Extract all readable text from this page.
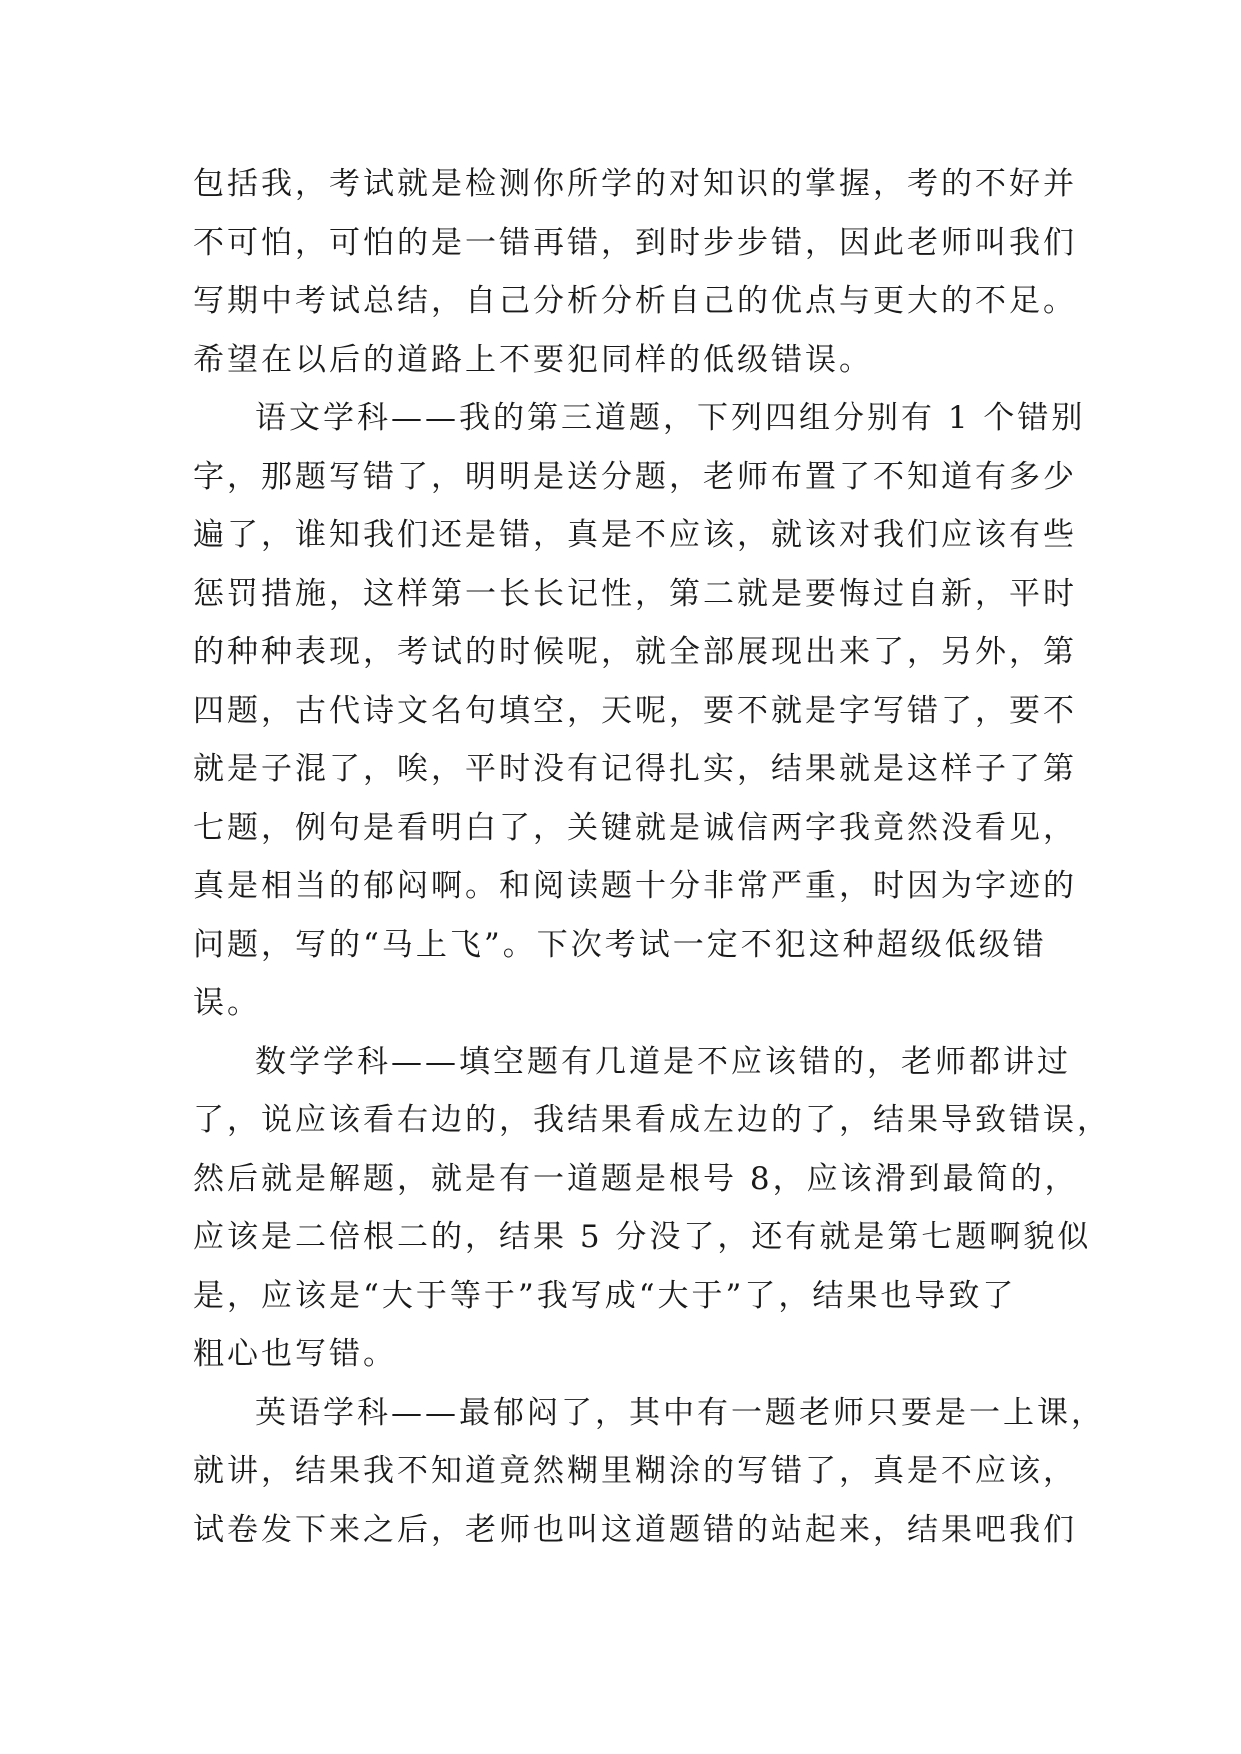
包括我，考试就是检测你所学的对知识的掌握，考的不好并
不可怕，可怕的是一错再错，到时步步错，因此老师叫我们
写期中考试总结，自己分析分析自己的优点与更大的不足。
希望在以后的道路上不要犯同样的低级错误。
语文学科——我的第三道题，下列四组分别有 1 个错别
字，那题写错了，明明是送分题，老师布置了不知道有多少
遍了，谁知我们还是错，真是不应该，就该对我们应该有些
惩罚措施，这样第一长长记性，第二就是要悔过自新，平时
的种种表现，考试的时候呢，就全部展现出来了，另外，第
四题，古代诗文名句填空，天呢，要不就是字写错了，要不
就是子混了，唉，平时没有记得扎实，结果就是这样子了第
七题，例句是看明白了，关键就是诚信两字我竟然没看见，
真是相当的郁闷啊。和阅读题十分非常严重，时因为字迹的
问题，写的“马上飞”。下次考试一定不犯这种超级低级错
误。
数学学科——填空题有几道是不应该错的，老师都讲过
了，说应该看右边的，我结果看成左边的了，结果导致错误，
然后就是解题，就是有一道题是根号 8，应该滑到最简的，
应该是二倍根二的，结果 5 分没了，还有就是第七题啊貌似
是，应该是“大于等于”我写成“大于”了，结果也导致了
粗心也写错。
英语学科——最郁闷了，其中有一题老师只要是一上课，
就讲，结果我不知道竟然糊里糊涂的写错了，真是不应该，
试卷发下来之后，老师也叫这道题错的站起来，结果吧我们
